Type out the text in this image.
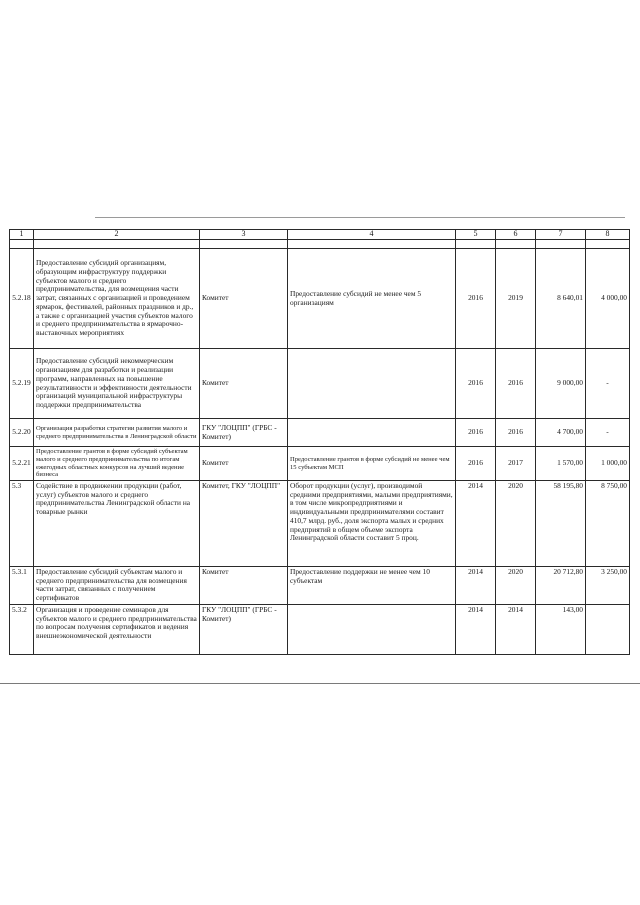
1	2	3	4	5	6	7	8

5.2.18	Предоставление субсидий организациям, образующим инфраструктуру поддержки субъектов малого и среднего предпринимательства, для возмещения части затрат, связанных с организацией и проведением ярмарок, фестивалей, районных праздников и др., а также с организацией участия субъектов малого и среднего предпринимательства в ярмарочно-выставочных мероприятиях	Комитет	Предоставление субсидий не менее чем 5 организациям	2016	2019	8 640,01	4 000,00
5.2.19	Предоставление субсидий некоммерческим организациям для разработки и реализации программ, направленных на повышение результативности и эффективности деятельности организаций муниципальной инфраструктуры поддержки предпринимательства	Комитет		2016	2016	9 000,00	-
5.2.20	Организация разработки стратегии развития малого и среднего предпринимательства в Ленинградской области	ГКУ "ЛОЦПП" (ГРБС - Комитет)		2016	2016	4 700,00	-
5.2.21	Предоставление грантов в форме субсидий субъектам малого и среднего предпринимательства по итогам ежегодных областных конкурсов на лучший ведение бизнеса	Комитет	Предоставление грантов в форме субсидий не менее чем 15 субъектам МСП	2016	2017	1 570,00	1 000,00
5.3	Содействие в продвижении продукции (работ, услуг) субъектов малого и среднего предпринимательства Ленинградской области на товарные рынки	Комитет, ГКУ "ЛОЦПП"	Оборот продукции (услуг), производимой средними предприятиями, малыми предприятиями, в том числе микропредприятиями и индивидуальными предпринимателями составит 410,7 млрд. руб., доля экспорта малых и средних предприятий в общем объеме экспорта Ленинградской области составит 5 проц.	2014	2020	58 195,80	8 750,00
5.3.1	Предоставление субсидий субъектам малого и среднего предпринимательства для возмещения части затрат, связанных с получением сертификатов	Комитет	Предоставление поддержки не менее чем 10 субъектам	2014	2020	20 712,80	3 250,00
5.3.2	Организация и проведение семинаров для субъектов малого и среднего предпринимательства по вопросам получения сертификатов и ведения внешнеэкономической деятельности	ГКУ "ЛОЦПП" (ГРБС - Комитет)		2014	2014	143,00	
